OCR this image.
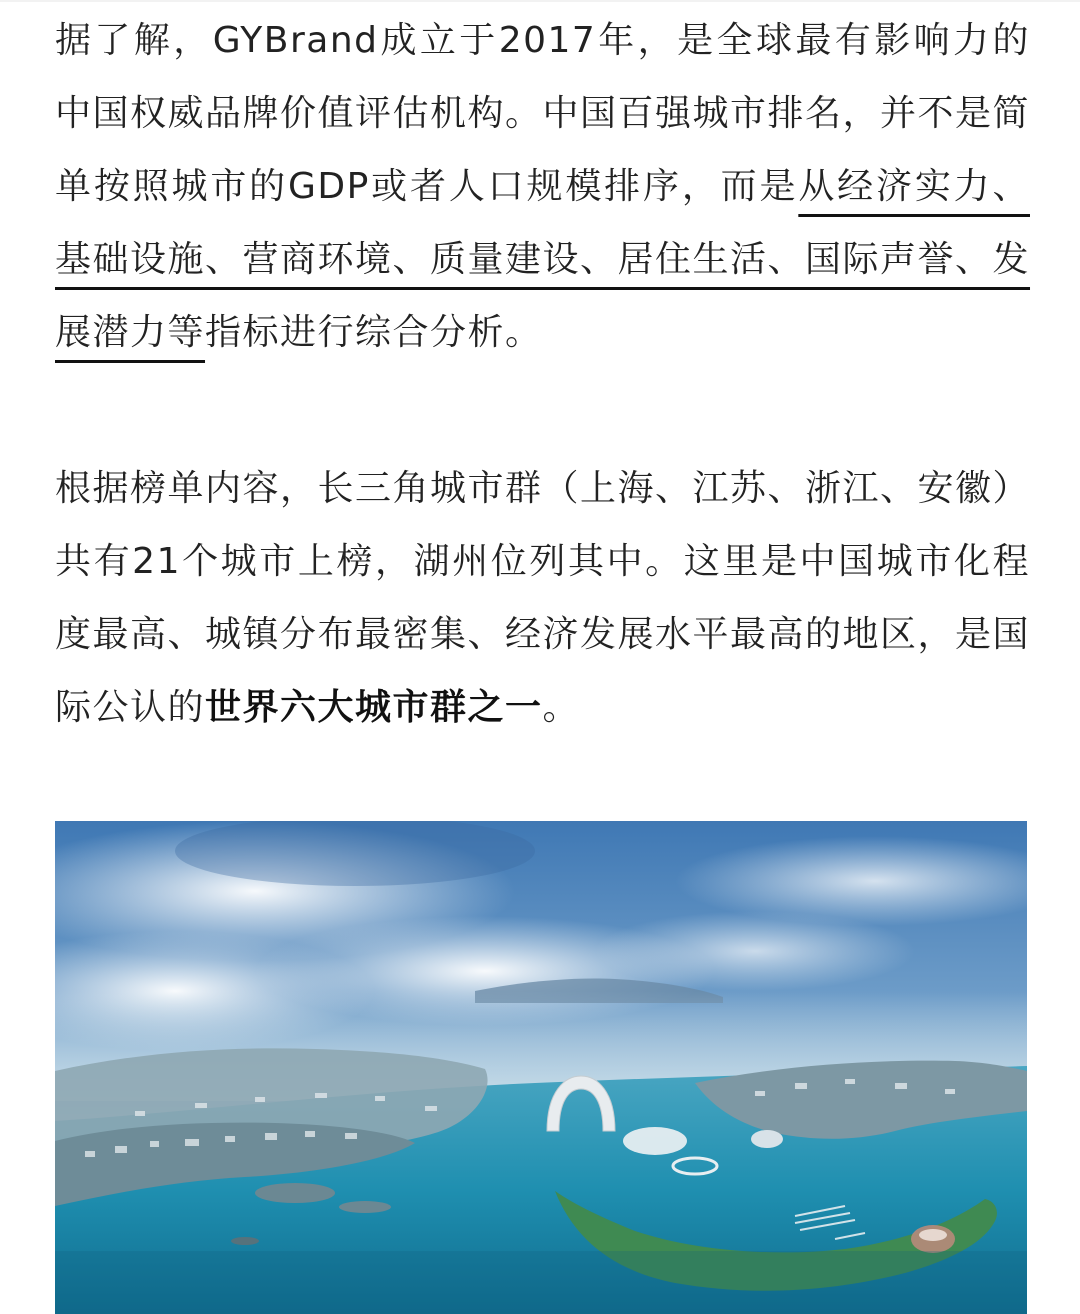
据了解，GYBrand成立于2017年，是全球最有影响力的中国权威品牌价值评估机构。中国百强城市排名，并不是简单按照城市的GDP或者人口规模排序，而是从经济实力、基础设施、营商环境、质量建设、居住生活、国际声誉、发展潜力等指标进行综合分析。

根据榜单内容，长三角城市群（上海、江苏、浙江、安徽）共有21个城市上榜，湖州位列其中。这里是中国城市化程度最高、城镇分布最密集、经济发展水平最高的地区，是国际公认的世界六大城市群之一。
